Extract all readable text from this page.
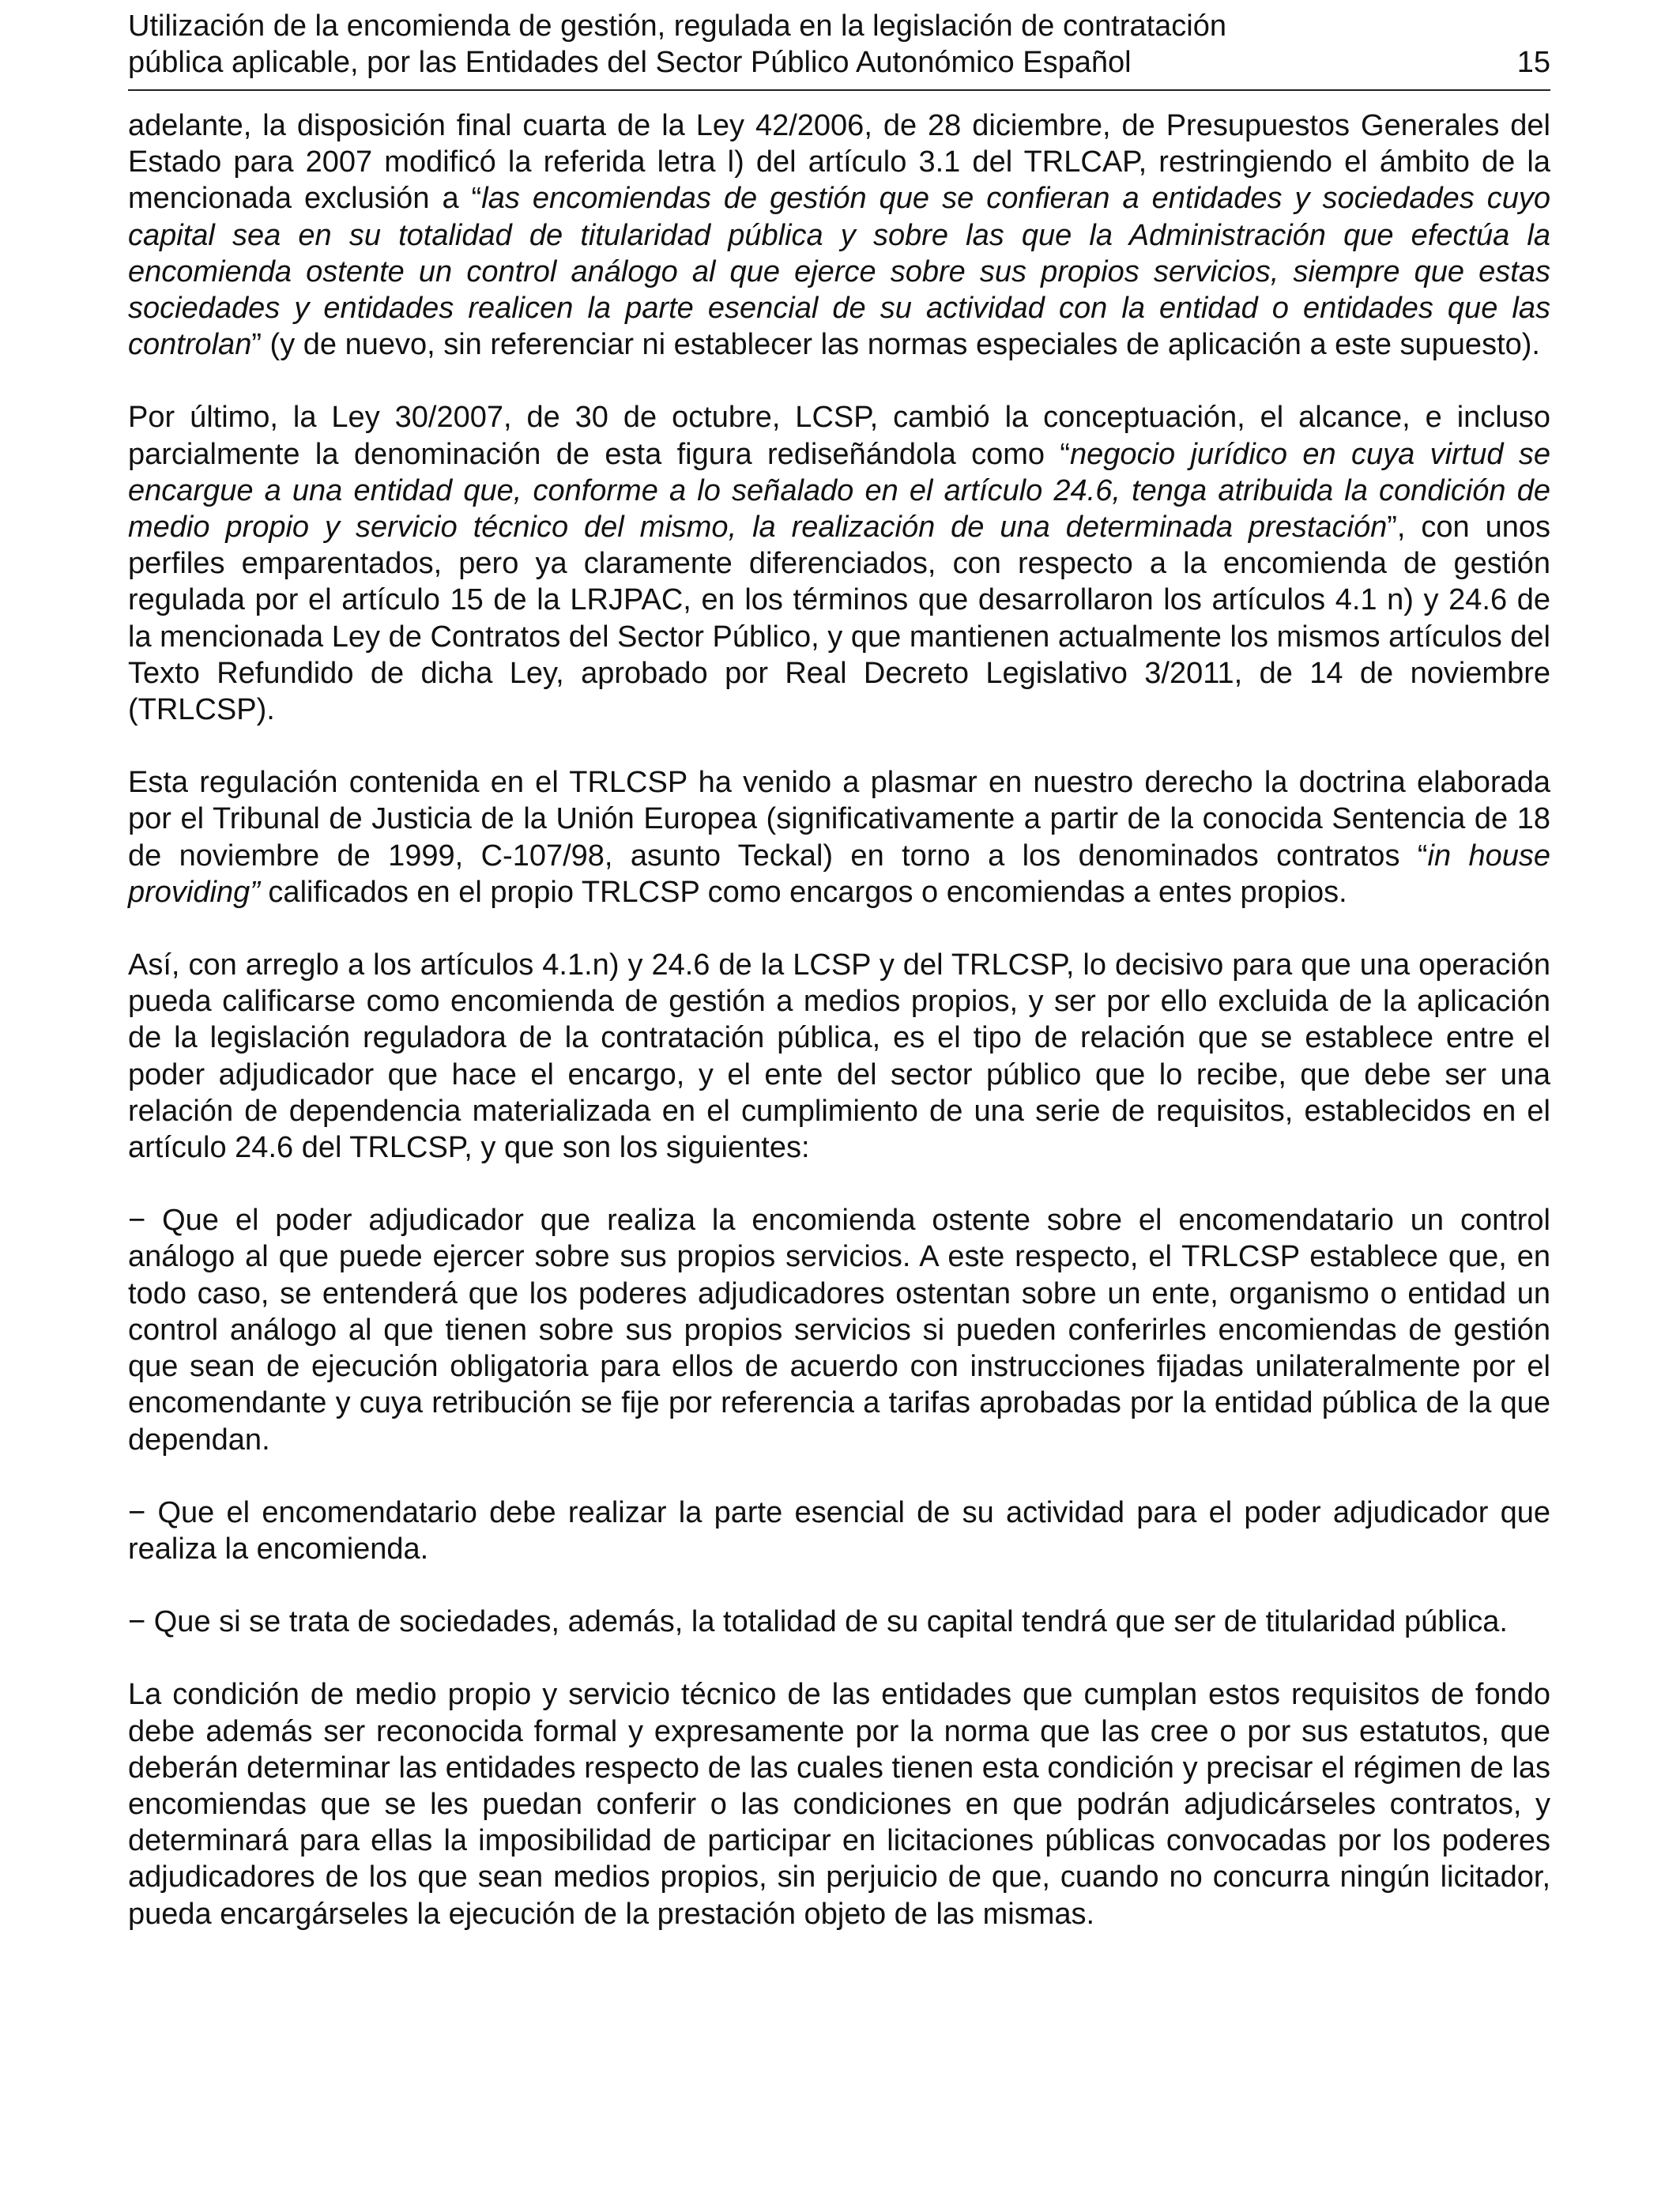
Utilización de la encomienda de gestión, regulada en la legislación de contratación
pública aplicable, por las Entidades del Sector Público Autonómico Español	15

adelante, la disposición final cuarta de la Ley 42/2006, de 28 diciembre, de Presupuestos Generales del Estado para 2007 modificó la referida letra l) del artículo 3.1 del TRLCAP, restringiendo el ámbito de la mencionada exclusión a “las encomiendas de gestión que se confieran a entidades y sociedades cuyo capital sea en su totalidad de titularidad pública y sobre las que la Administración que efectúa la encomienda ostente un control análogo al que ejerce sobre sus propios servicios, siempre que estas sociedades y entidades realicen la parte esencial de su actividad con la entidad o entidades que las controlan” (y de nuevo, sin referenciar ni establecer las normas especiales de aplicación a este supuesto).

Por último, la Ley 30/2007, de 30 de octubre, LCSP, cambió la conceptuación, el alcance, e incluso parcialmente la denominación de esta figura rediseñándola como “negocio jurídico en cuya virtud se encargue a una entidad que, conforme a lo señalado en el artículo 24.6, tenga atribuida la condición de medio propio y servicio técnico del mismo, la realización de una determinada prestación”, con unos perfiles emparentados, pero ya claramente diferenciados, con respecto a la encomienda de gestión regulada por el artículo 15 de la LRJPAC, en los términos que desarrollaron los artículos 4.1 n) y 24.6 de la mencionada Ley de Contratos del Sector Público, y que mantienen actualmente los mismos artículos del Texto Refundido de dicha Ley, aprobado por Real Decreto Legislativo 3/2011, de 14 de noviembre (TRLCSP).

Esta regulación contenida en el TRLCSP ha venido a plasmar en nuestro derecho la doctrina elaborada por el Tribunal de Justicia de la Unión Europea (significativamente a partir de la conocida Sentencia de 18 de noviembre de 1999, C-107/98, asunto Teckal) en torno a los denominados contratos “in house providing” calificados en el propio TRLCSP como encargos o encomiendas a entes propios.

Así, con arreglo a los artículos 4.1.n) y 24.6 de la LCSP y del TRLCSP, lo decisivo para que una operación pueda calificarse como encomienda de gestión a medios propios, y ser por ello excluida de la aplicación de la legislación reguladora de la contratación pública, es el tipo de relación que se establece entre el poder adjudicador que hace el encargo, y el ente del sector público que lo recibe, que debe ser una relación de dependencia materializada en el cumplimiento de una serie de requisitos, establecidos en el artículo 24.6 del TRLCSP, y que son los siguientes:

− Que el poder adjudicador que realiza la encomienda ostente sobre el encomendatario un control análogo al que puede ejercer sobre sus propios servicios. A este respecto, el TRLCSP establece que, en todo caso, se entenderá que los poderes adjudicadores ostentan sobre un ente, organismo o entidad un control análogo al que tienen sobre sus propios servicios si pueden conferirles encomiendas de gestión que sean de ejecución obligatoria para ellos de acuerdo con instrucciones fijadas unilateralmente por el encomendante y cuya retribución se fije por referencia a tarifas aprobadas por la entidad pública de la que dependan.

− Que el encomendatario debe realizar la parte esencial de su actividad para el poder adjudicador que realiza la encomienda.

− Que si se trata de sociedades, además, la totalidad de su capital tendrá que ser de titularidad pública.

La condición de medio propio y servicio técnico de las entidades que cumplan estos requisitos de fondo debe además ser reconocida formal y expresamente por la norma que las cree o por sus estatutos, que deberán determinar las entidades respecto de las cuales tienen esta condición y precisar el régimen de las encomiendas que se les puedan conferir o las condiciones en que podrán adjudicárseles contratos, y determinará para ellas la imposibilidad de participar en licitaciones públicas convocadas por los poderes adjudicadores de los que sean medios propios, sin perjuicio de que, cuando no concurra ningún licitador, pueda encargárseles la ejecución de la prestación objeto de las mismas.
